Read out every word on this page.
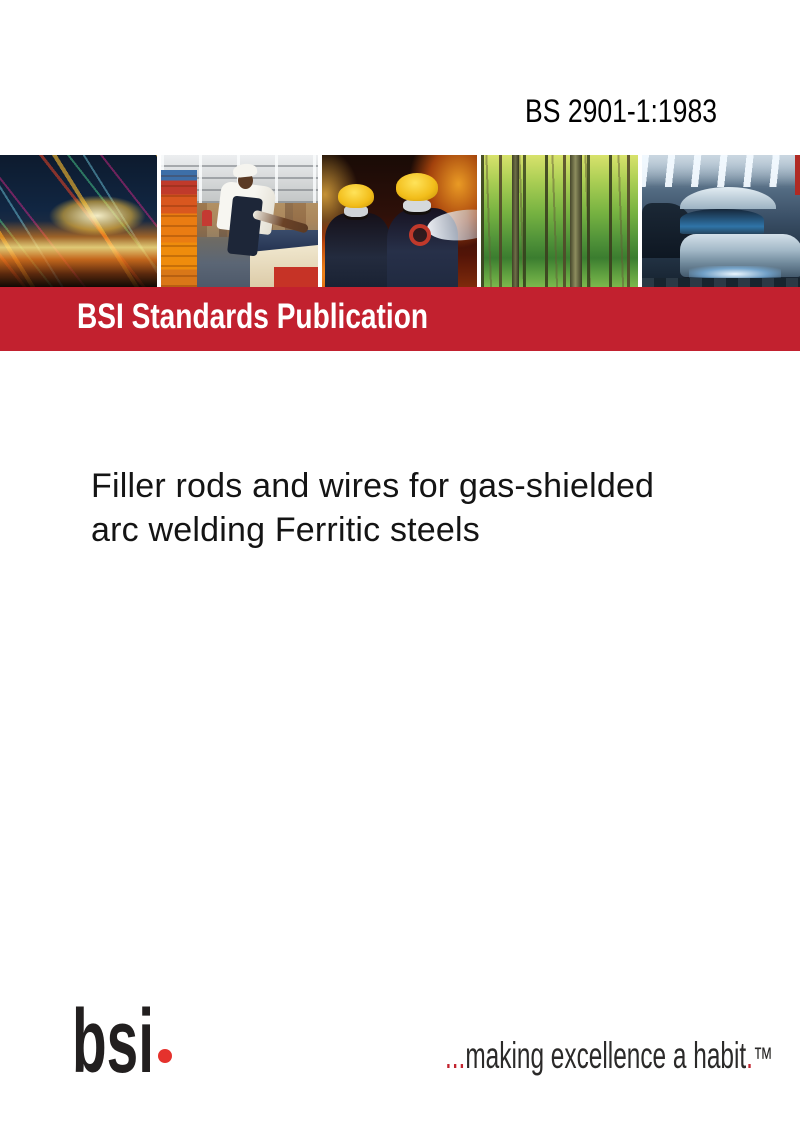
BS 2901-1:1983
BSI Standards Publication
Filler rods and wires for gas-shielded
arc welding Ferritic steels
bsi	...making excellence a habit.™
